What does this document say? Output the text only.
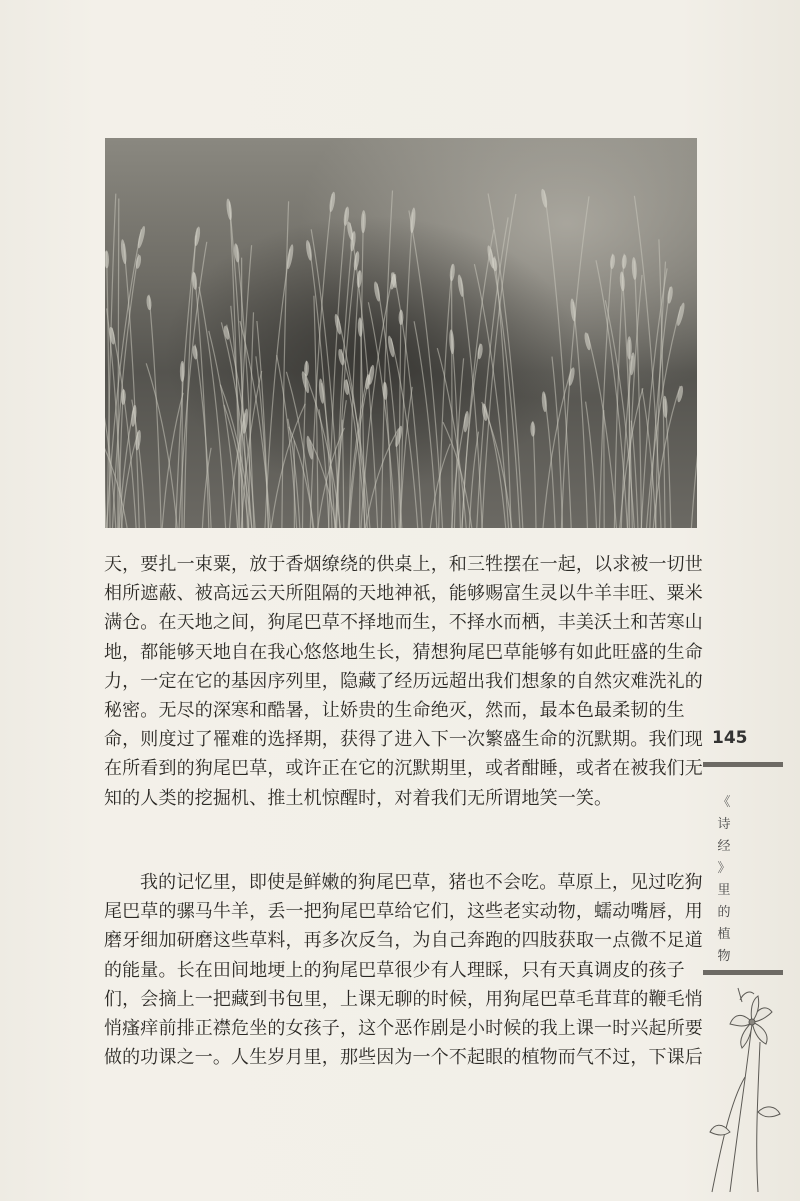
天，要扎一束粟，放于香烟缭绕的供桌上，和三牲摆在一起，以求被一切世
相所遮蔽、被高远云天所阻隔的天地神祇，能够赐富生灵以牛羊丰旺、粟米
满仓。在天地之间，狗尾巴草不择地而生，不择水而栖，丰美沃土和苦寒山
地，都能够天地自在我心悠悠地生长，猜想狗尾巴草能够有如此旺盛的生命
力，一定在它的基因序列里，隐藏了经历远超出我们想象的自然灾难洗礼的
秘密。无尽的深寒和酷暑，让娇贵的生命绝灭，然而，最本色最柔韧的生
命，则度过了罹难的选择期，获得了进入下一次繁盛生命的沉默期。我们现
在所看到的狗尾巴草，或许正在它的沉默期里，或者酣睡，或者在被我们无
知的人类的挖掘机、推土机惊醒时，对着我们无所谓地笑一笑。
我的记忆里，即使是鲜嫩的狗尾巴草，猪也不会吃。草原上，见过吃狗
尾巴草的骡马牛羊，丢一把狗尾巴草给它们，这些老实动物，蠕动嘴唇，用
磨牙细加研磨这些草料，再多次反刍，为自己奔跑的四肢获取一点微不足道
的能量。长在田间地埂上的狗尾巴草很少有人理睬，只有天真调皮的孩子
们，会摘上一把藏到书包里，上课无聊的时候，用狗尾巴草毛茸茸的鞭毛悄
悄瘙痒前排正襟危坐的女孩子，这个恶作剧是小时候的我上课一时兴起所要
做的功课之一。人生岁月里，那些因为一个不起眼的植物而气不过，下课后
145
《
诗
经
》
里
的
植
物
